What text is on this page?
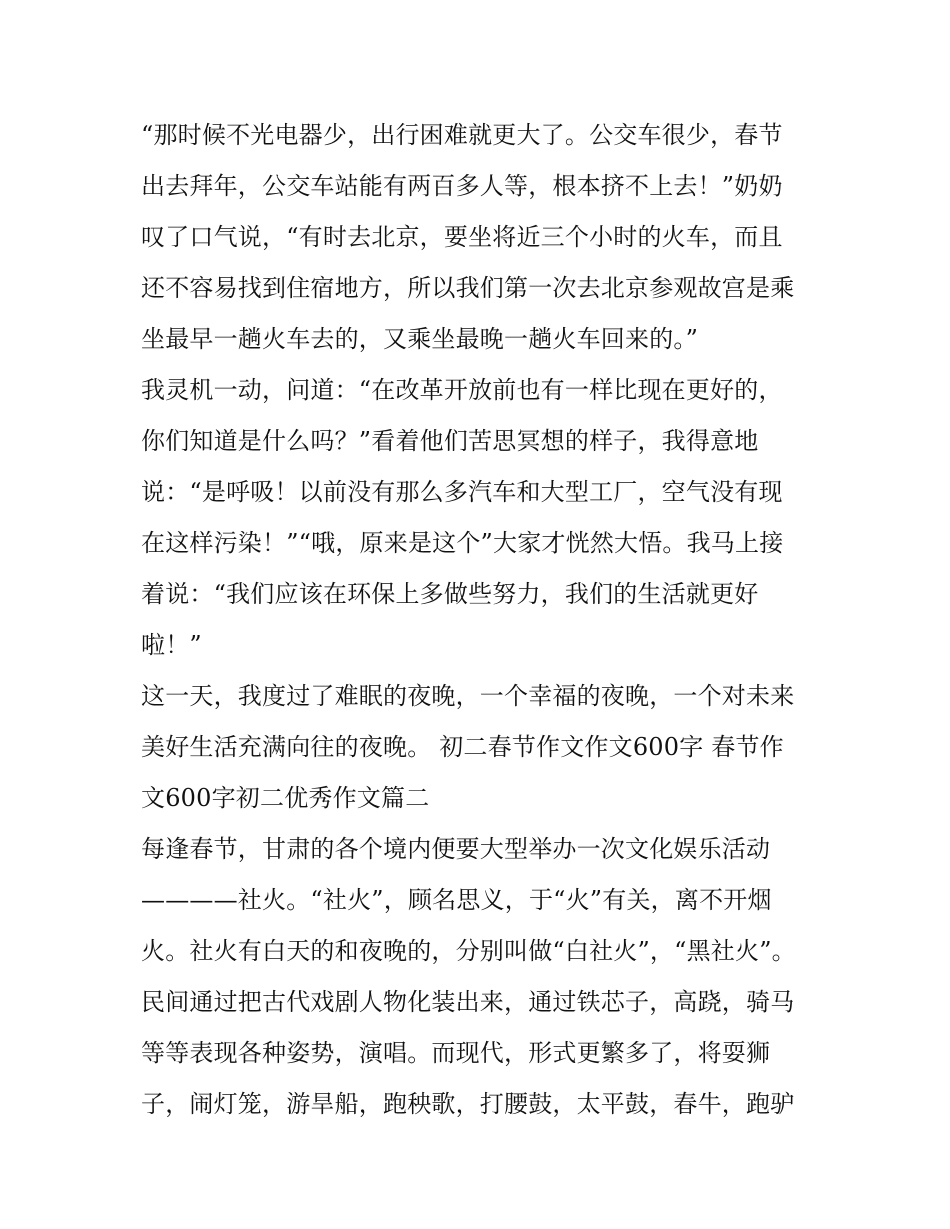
“那时候不光电器少，出行困难就更大了。公交车很少，春节
出去拜年，公交车站能有两百多人等，根本挤不上去！”奶奶
叹了口气说，“有时去北京，要坐将近三个小时的火车，而且
还不容易找到住宿地方，所以我们第一次去北京参观故宫是乘
坐最早一趟火车去的，又乘坐最晚一趟火车回来的。”
我灵机一动，问道：“在改革开放前也有一样比现在更好的，
你们知道是什么吗？”看着他们苦思冥想的样子，我得意地
说：“是呼吸！以前没有那么多汽车和大型工厂，空气没有现
在这样污染！”“哦，原来是这个”大家才恍然大悟。我马上接
着说：“我们应该在环保上多做些努力，我们的生活就更好
啦！”
这一天，我度过了难眠的夜晚，一个幸福的夜晚，一个对未来
美好生活充满向往的夜晚。 初二春节作文作文600字 春节作
文600字初二优秀作文篇二
每逢春节，甘肃的各个境内便要大型举办一次文化娱乐活动
————社火。“社火”，顾名思义，于“火”有关，离不开烟
火。社火有白天的和夜晚的，分别叫做“白社火”，“黑社火”。
民间通过把古代戏剧人物化装出来，通过铁芯子，高跷，骑马
等等表现各种姿势，演唱。而现代，形式更繁多了，将耍狮
子，闹灯笼，游旱船，跑秧歌，打腰鼓，太平鼓，春牛，跑驴
